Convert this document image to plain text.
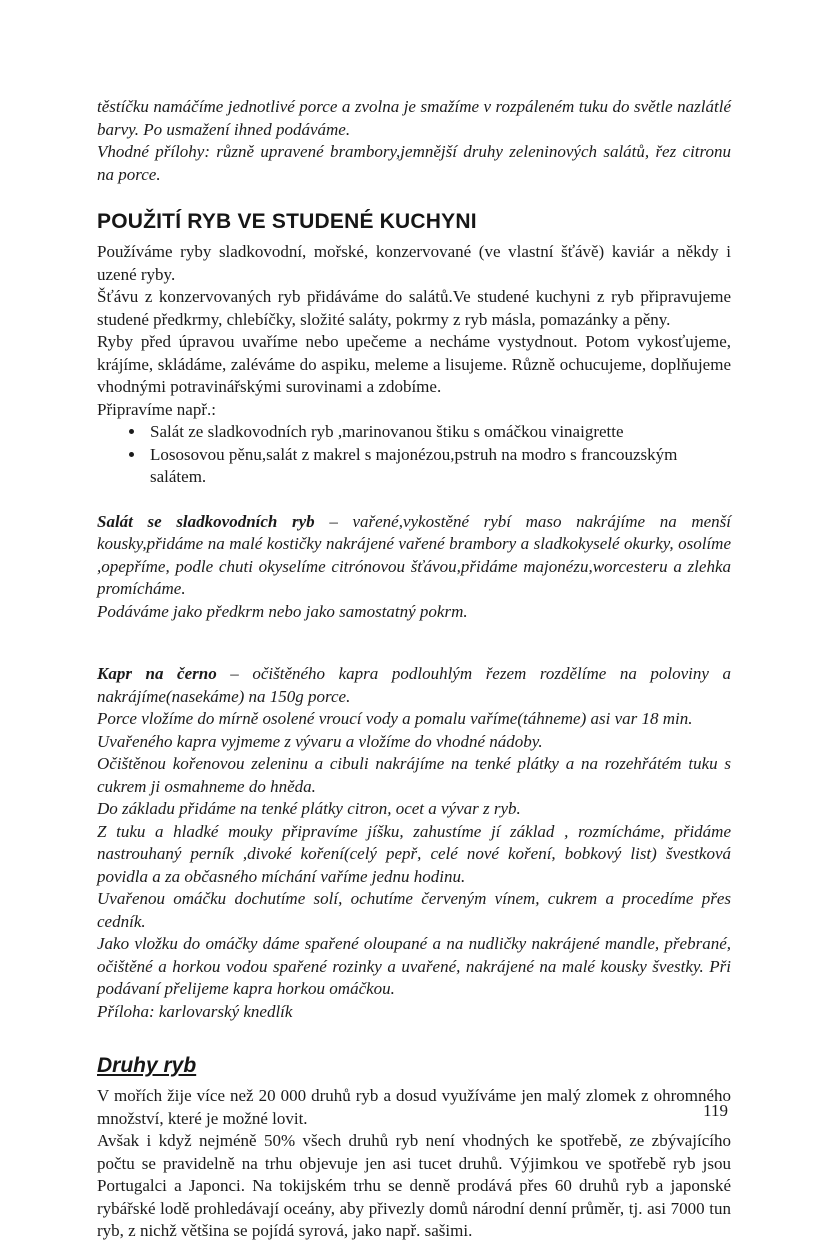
těstíčku namáčíme jednotlivé porce a zvolna je smažíme v rozpáleném tuku do světle nazlátlé barvy. Po usmažení ihned podáváme.

Vhodné přílohy: různě upravené brambory,jemnější druhy zeleninových salátů, řez citronu na porce.

POUŽITÍ RYB VE STUDENÉ KUCHYNI

Používáme ryby sladkovodní, mořské, konzervované (ve vlastní šťávě) kaviár a někdy i uzené ryby.

Šťávu z konzervovaných ryb přidáváme do salátů.Ve studené kuchyni z ryb připravujeme studené předkrmy, chlebíčky, složité saláty, pokrmy z ryb másla, pomazánky a pěny.

Ryby před úpravou uvaříme nebo upečeme a necháme vystydnout. Potom vykosťujeme, krájíme, skládáme, zaléváme do aspiku, meleme a lisujeme. Různě ochucujeme, doplňujeme vhodnými potravinářskými surovinami a zdobíme.

Připravíme např.:

• Salát ze sladkovodních ryb ,marinovanou štiku s omáčkou vinaigrette
• Lososovou pěnu,salát z makrel s majonézou,pstruh na modro s francouzským salátem.

Salát se sladkovodních ryb – vařené,vykostěné rybí maso nakrájíme na menší kousky,přidáme na malé kostičky nakrájené vařené brambory a sladkokyselé okurky, osolíme ,opepříme, podle chuti okyselíme citrónovou šťávou,přidáme majonézu,worcesteru a zlehka promícháme.

Podáváme jako předkrm nebo jako samostatný pokrm.

Kapr na černo – očištěného kapra podlouhlým řezem rozdělíme na poloviny a nakrájíme(nasekáme) na 150g porce.

Porce vložíme do mírně osolené vroucí vody a pomalu vaříme(táhneme) asi var 18 min.

Uvařeného kapra vyjmeme z vývaru a vložíme do vhodné nádoby.

Očištěnou kořenovou zeleninu a cibuli nakrájíme na tenké plátky a na rozehřátém tuku s cukrem ji osmahneme do hněda.

Do základu přidáme na tenké plátky citron, ocet a vývar z ryb.

Z tuku a hladké mouky připravíme jíšku, zahustíme jí základ , rozmícháme, přidáme nastrouhaný perník ,divoké koření(celý pepř, celé nové koření, bobkový list) švestková povidla a za občasného míchání vaříme jednu hodinu.

Uvařenou omáčku dochutíme solí, ochutíme červeným vínem, cukrem a procedíme přes cedník.

Jako vložku do omáčky dáme spařené oloupané a na nudličky nakrájené mandle, přebrané, očištěné a horkou vodou spařené rozinky a uvařené, nakrájené na malé kousky švestky. Při podávaní přelijeme kapra horkou omáčkou.

Příloha: karlovarský knedlík

Druhy ryb

V mořích žije více než 20 000 druhů ryb a dosud využíváme jen malý zlomek z ohromného množství, které je možné lovit.

Avšak i když nejméně 50% všech druhů ryb není vhodných ke spotřebě, ze zbývajícího počtu se pravidelně na trhu objevuje jen asi tucet druhů. Výjimkou ve spotřebě ryb jsou Portugalci a Japonci. Na tokijském trhu se denně prodává přes 60 druhů ryb a japonské rybářské lodě prohledávají oceány, aby přivezly domů národní denní průměr, tj. asi 7000 tun ryb, z nichž většina se pojídá syrová, jako např. sašimi.

119
